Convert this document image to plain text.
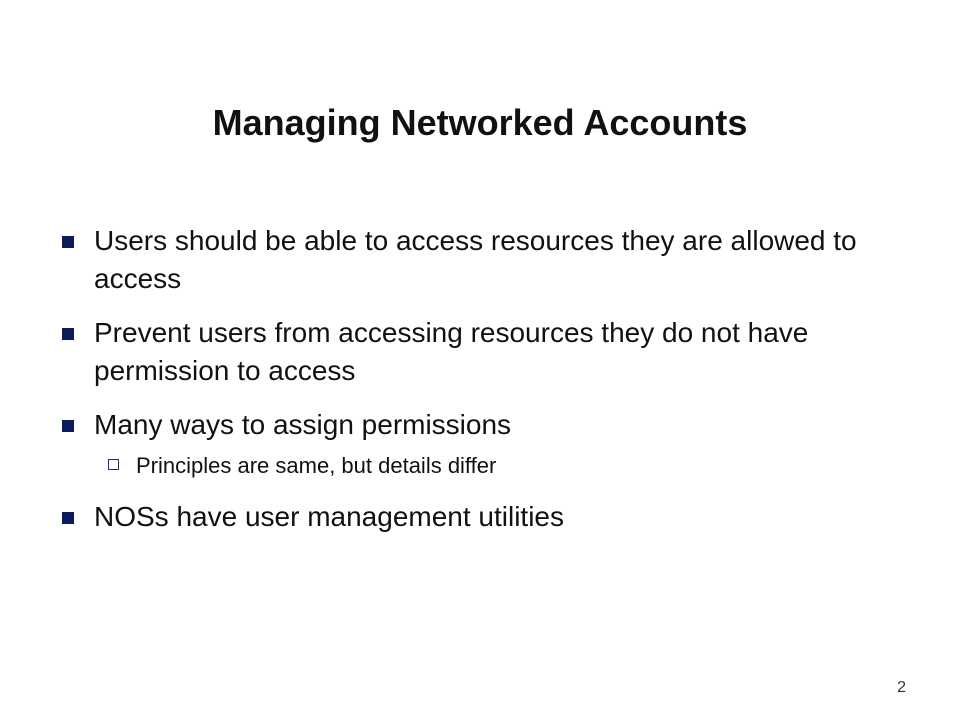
Managing Networked Accounts
Users should be able to access resources they are allowed to access
Prevent users from accessing resources they do not have permission to access
Many ways to assign permissions
Principles are same, but details differ
NOSs have user management utilities
2
